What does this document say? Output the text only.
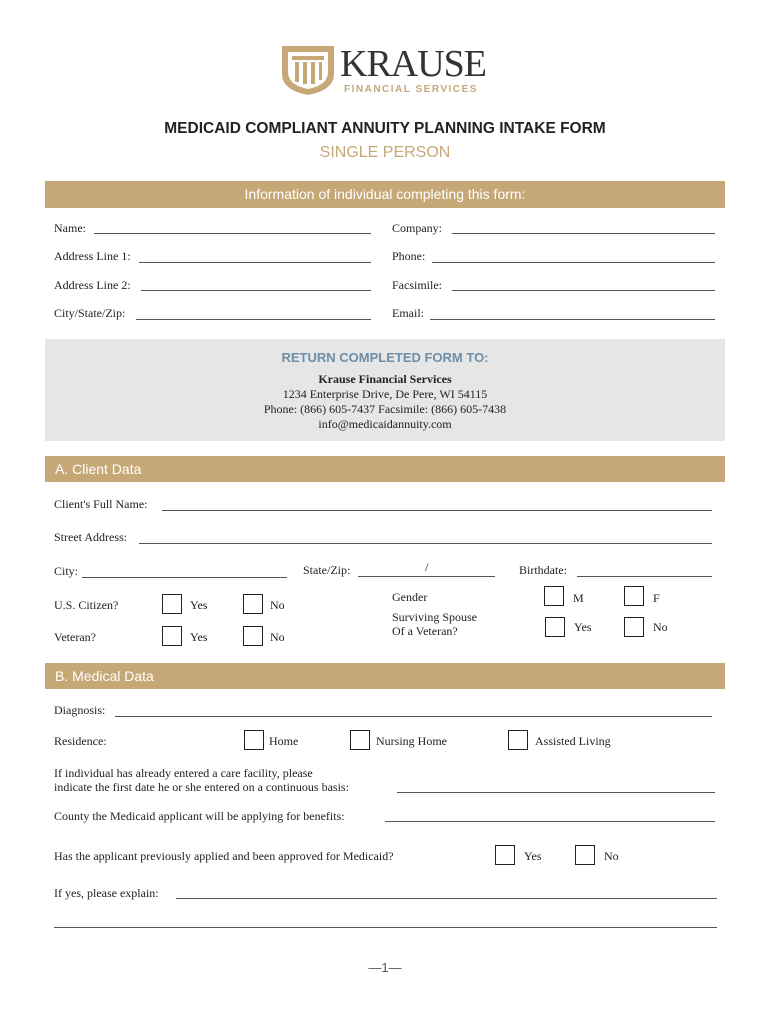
KRAUSE
FINANCIAL SERVICES
MEDICAID COMPLIANT ANNUITY PLANNING INTAKE FORM
SINGLE PERSON
Information of individual completing this form:
Name:	Company:
Address Line 1:	Phone:
Address Line 2:	Facsimile:
City/State/Zip:	Email:
RETURN COMPLETED FORM TO:
Krause Financial Services
1234 Enterprise Drive, De Pere, WI 54115
Phone: (866) 605-7437 Facsimile: (866) 605-7438
info@medicaidannuity.com
A. Client Data
Client's Full Name:
Street Address:
City:	State/Zip:	/	Birthdate:
U.S. Citizen?	Yes	No
Veteran?	Yes	No
Gender	M	F
Surviving Spouse
Of a Veteran?	Yes	No
B. Medical Data
Diagnosis:
Residence:	Home	Nursing Home	Assisted Living
If individual has already entered a care facility, please
indicate the first date he or she entered on a continuous basis:
County the Medicaid applicant will be applying for benefits:
Has the applicant previously applied and been approved for Medicaid?	Yes	No
If yes, please explain:
—1—
